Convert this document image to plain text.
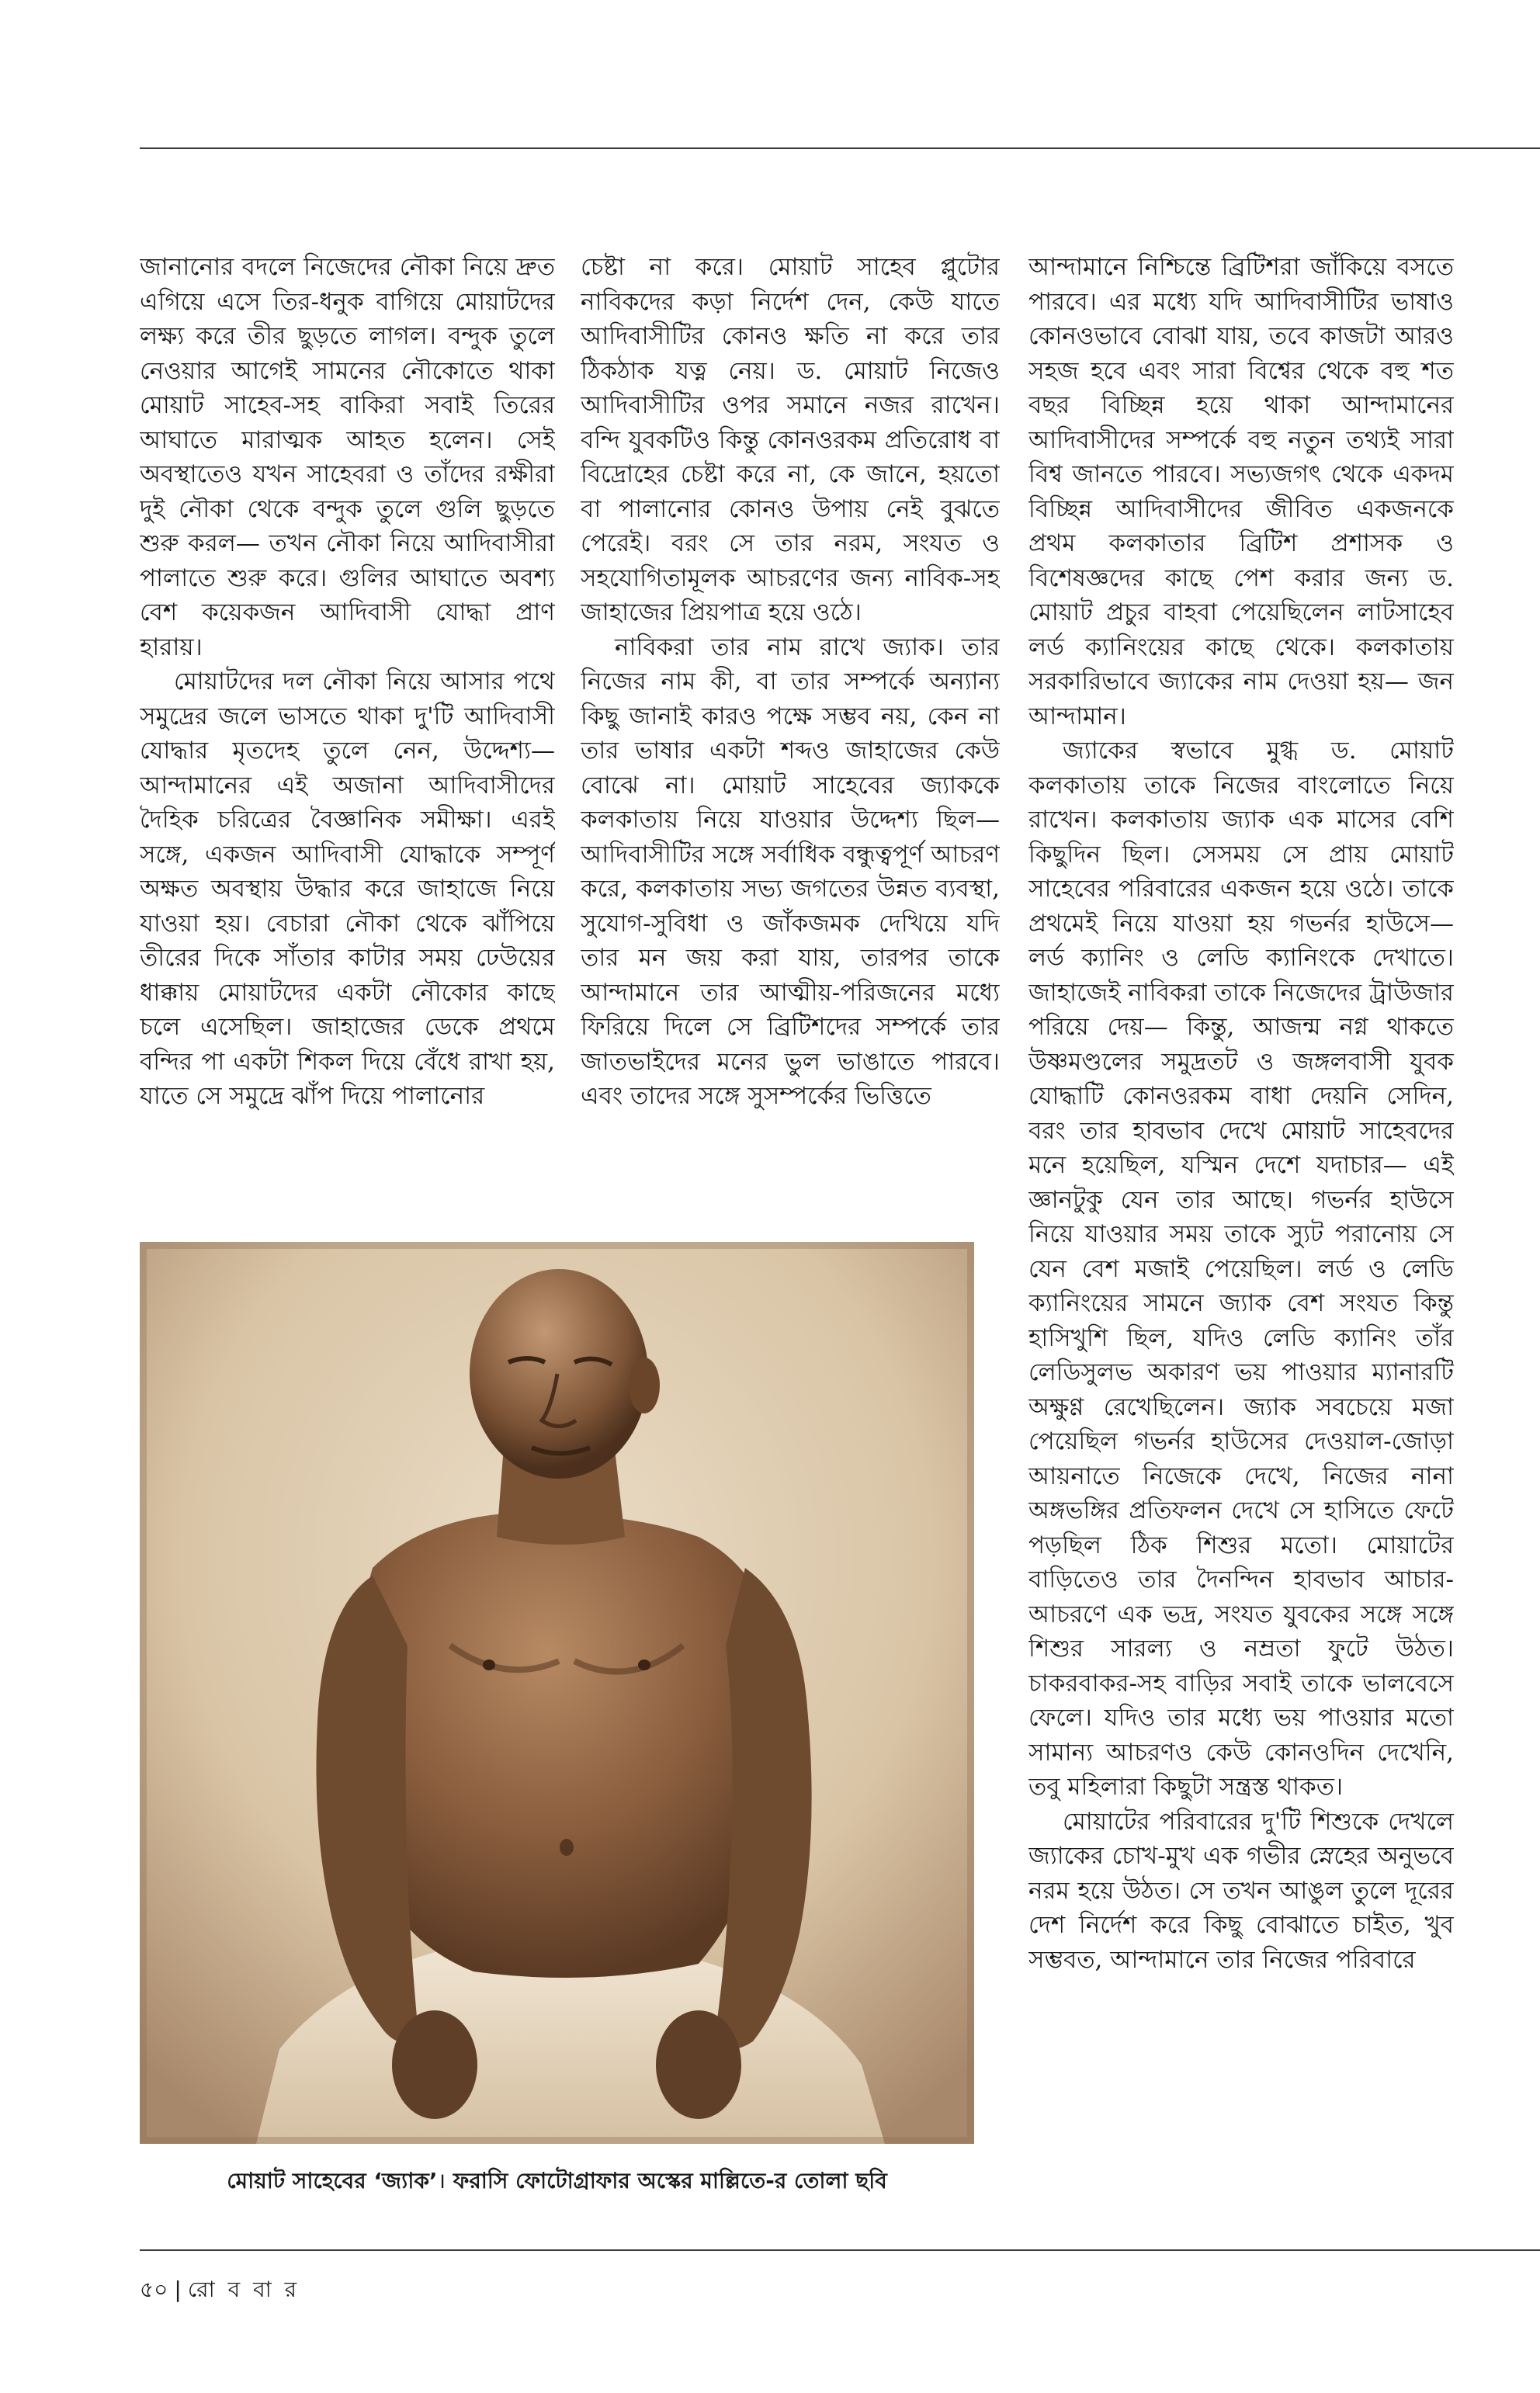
জানানোর বদলে নিজেদের নৌকা নিয়ে দ্রুত এগিয়ে এসে তির-ধনুক বাগিয়ে মোয়াটদের লক্ষ্য করে তীর ছুড়তে লাগল। বন্দুক তুলে নেওয়ার আগেই সামনের নৌকোতে থাকা মোয়াট সাহেব-সহ বাকিরা সবাই তিরের আঘাতে মারাত্মক আহত হলেন। সেই অবস্থাতেও যখন সাহেবরা ও তাঁদের রক্ষীরা দুই নৌকা থেকে বন্দুক তুলে গুলি ছুড়তে শুরু করল— তখন নৌকা নিয়ে আদিবাসীরা পালাতে শুরু করে। গুলির আঘাতে অবশ্য বেশ কয়েকজন আদিবাসী যোদ্ধা প্রাণ হারায়।

মোয়াটদের দল নৌকা নিয়ে আসার পথে সমুদ্রের জলে ভাসতে থাকা দু'টি আদিবাসী যোদ্ধার মৃতদেহ তুলে নেন, উদ্দেশ্য— আন্দামানের এই অজানা আদিবাসীদের দৈহিক চরিত্রের বৈজ্ঞানিক সমীক্ষা। এরই সঙ্গে, একজন আদিবাসী যোদ্ধাকে সম্পূর্ণ অক্ষত অবস্থায় উদ্ধার করে জাহাজে নিয়ে যাওয়া হয়। বেচারা নৌকা থেকে ঝাঁপিয়ে তীরের দিকে সাঁতার কাটার সময় ঢেউয়ের ধাক্কায় মোয়াটদের একটা নৌকোর কাছে চলে এসেছিল। জাহাজের ডেকে প্রথমে বন্দির পা একটা শিকল দিয়ে বেঁধে রাখা হয়, যাতে সে সমুদ্রে ঝাঁপ দিয়ে পালানোর

চেষ্টা না করে। মোয়াট সাহেব প্লুটোর নাবিকদের কড়া নির্দেশ দেন, কেউ যাতে আদিবাসীটির কোনও ক্ষতি না করে তার ঠিকঠাক যত্ন নেয়। ড. মোয়াট নিজেও আদিবাসীটির ওপর সমানে নজর রাখেন। বন্দি যুবকটিও কিন্তু কোনওরকম প্রতিরোধ বা বিদ্রোহের চেষ্টা করে না, কে জানে, হয়তো বা পালানোর কোনও উপায় নেই বুঝতে পেরেই। বরং সে তার নরম, সংযত ও সহযোগিতামূলক আচরণের জন্য নাবিক-সহ জাহাজের প্রিয়পাত্র হয়ে ওঠে।

নাবিকরা তার নাম রাখে জ্যাক। তার নিজের নাম কী, বা তার সম্পর্কে অন্যান্য কিছু জানাই কারও পক্ষে সম্ভব নয়, কেন না তার ভাষার একটা শব্দও জাহাজের কেউ বোঝে না। মোয়াট সাহেবের জ্যাককে কলকাতায় নিয়ে যাওয়ার উদ্দেশ্য ছিল— আদিবাসীটির সঙ্গে সর্বাধিক বন্ধুত্বপূর্ণ আচরণ করে, কলকাতায় সভ্য জগতের উন্নত ব্যবস্থা, সুযোগ-সুবিধা ও জাঁকজমক দেখিয়ে যদি তার মন জয় করা যায়, তারপর তাকে আন্দামানে তার আত্মীয়-পরিজনের মধ্যে ফিরিয়ে দিলে সে ব্রিটিশদের সম্পর্কে তার জাতভাইদের মনের ভুল ভাঙাতে পারবে। এবং তাদের সঙ্গে সুসম্পর্কের ভিত্তিতে

আন্দামানে নিশ্চিন্তে ব্রিটিশরা জাঁকিয়ে বসতে পারবে। এর মধ্যে যদি আদিবাসীটির ভাষাও কোনওভাবে বোঝা যায়, তবে কাজটা আরও সহজ হবে এবং সারা বিশ্বের থেকে বহু শত বছর বিচ্ছিন্ন হয়ে থাকা আন্দামানের আদিবাসীদের সম্পর্কে বহু নতুন তথ্যই সারা বিশ্ব জানতে পারবে। সভ্যজগৎ থেকে একদম বিচ্ছিন্ন আদিবাসীদের জীবিত একজনকে প্রথম কলকাতার ব্রিটিশ প্রশাসক ও বিশেষজ্ঞদের কাছে পেশ করার জন্য ড. মোয়াট প্রচুর বাহবা পেয়েছিলেন লাটসাহেব লর্ড ক্যানিংয়ের কাছে থেকে। কলকাতায় সরকারিভাবে জ্যাকের নাম দেওয়া হয়— জন আন্দামান।

জ্যাকের স্বভাবে মুগ্ধ ড. মোয়াট কলকাতায় তাকে নিজের বাংলোতে নিয়ে রাখেন। কলকাতায় জ্যাক এক মাসের বেশি কিছুদিন ছিল। সেসময় সে প্রায় মোয়াট সাহেবের পরিবারের একজন হয়ে ওঠে। তাকে প্রথমেই নিয়ে যাওয়া হয় গভর্নর হাউসে— লর্ড ক্যানিং ও লেডি ক্যানিংকে দেখাতে। জাহাজেই নাবিকরা তাকে নিজেদের ট্রাউজার পরিয়ে দেয়— কিন্তু, আজন্ম নগ্ন থাকতে উষ্ণমণ্ডলের সমুদ্রতট ও জঙ্গলবাসী যুবক যোদ্ধাটি কোনওরকম বাধা দেয়নি সেদিন, বরং তার হাবভাব দেখে মোয়াট সাহেবদের মনে হয়েছিল, যস্মিন দেশে যদাচার— এই জ্ঞানটুকু যেন তার আছে। গভর্নর হাউসে নিয়ে যাওয়ার সময় তাকে স্যুট পরানোয় সে যেন বেশ মজাই পেয়েছিল। লর্ড ও লেডি ক্যানিংয়ের সামনে জ্যাক বেশ সংযত কিন্তু হাসিখুশি ছিল, যদিও লেডি ক্যানিং তাঁর লেডিসুলভ অকারণ ভয় পাওয়ার ম্যানারটি অক্ষুণ্ণ রেখেছিলেন। জ্যাক সবচেয়ে মজা পেয়েছিল গভর্নর হাউসের দেওয়াল-জোড়া আয়নাতে নিজেকে দেখে, নিজের নানা অঙ্গভঙ্গির প্রতিফলন দেখে সে হাসিতে ফেটে পড়ছিল ঠিক শিশুর মতো। মোয়াটের বাড়িতেও তার দৈনন্দিন হাবভাব আচার-আচরণে এক ভদ্র, সংযত যুবকের সঙ্গে সঙ্গে শিশুর সারল্য ও নম্রতা ফুটে উঠত। চাকরবাকর-সহ বাড়ির সবাই তাকে ভালবেসে ফেলে। যদিও তার মধ্যে ভয় পাওয়ার মতো সামান্য আচরণও কেউ কোনওদিন দেখেনি, তবু মহিলারা কিছুটা সন্ত্রস্ত থাকত।

মোয়াটের পরিবারের দু'টি শিশুকে দেখলে জ্যাকের চোখ-মুখ এক গভীর স্নেহের অনুভবে নরম হয়ে উঠত। সে তখন আঙুল তুলে দূরের দেশ নির্দেশ করে কিছু বোঝাতে চাইত, খুব সম্ভবত, আন্দামানে তার নিজের পরিবারে

মোয়াট সাহেবের ‘জ্যাক’। ফরাসি ফোটোগ্রাফার অস্কের মাল্লিতে-র তোলা ছবি
৫০ | রো ব বা র
